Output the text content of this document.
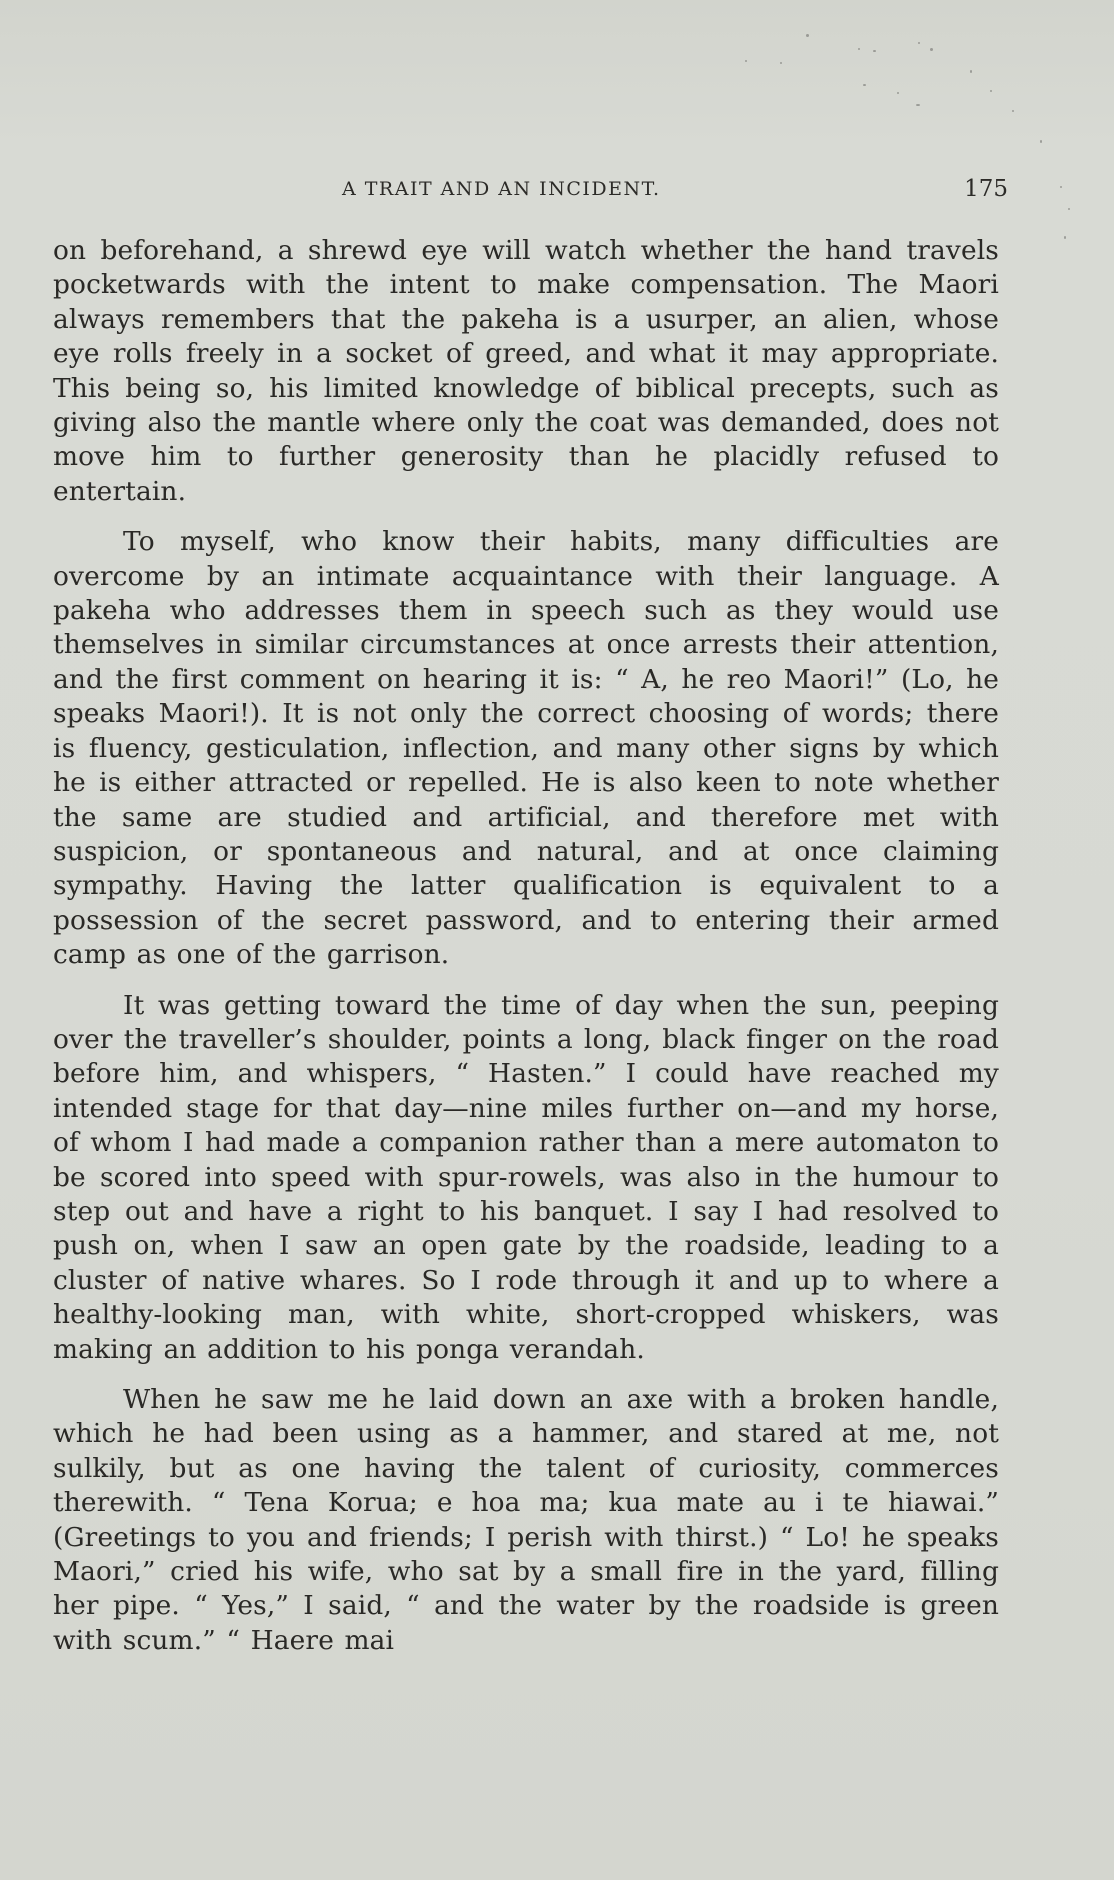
A TRAIT AND AN INCIDENT.	175

on beforehand, a shrewd eye will watch whether the hand travels pocketwards with the intent to make compensation. The Maori always remembers that the pakeha is a usurper, an alien, whose eye rolls freely in a socket of greed, and what it may appropriate. This being so, his limited knowledge of biblical precepts, such as giving also the mantle where only the coat was demanded, does not move him to further generosity than he placidly refused to entertain.

To myself, who know their habits, many difficulties are overcome by an intimate acquaintance with their language. A pakeha who addresses them in speech such as they would use themselves in similar circumstances at once arrests their attention, and the first comment on hearing it is: “ A, he reo Maori!” (Lo, he speaks Maori!). It is not only the correct choosing of words; there is fluency, gesticulation, inflection, and many other signs by which he is either attracted or repelled. He is also keen to note whether the same are studied and artificial, and therefore met with suspicion, or spontaneous and natural, and at once claiming sympathy. Having the latter qualification is equivalent to a possession of the secret password, and to entering their armed camp as one of the garrison.

It was getting toward the time of day when the sun, peeping over the traveller’s shoulder, points a long, black finger on the road before him, and whispers, “ Hasten.” I could have reached my intended stage for that day—nine miles further on—and my horse, of whom I had made a companion rather than a mere automaton to be scored into speed with spur-rowels, was also in the humour to step out and have a right to his banquet. I say I had resolved to push on, when I saw an open gate by the roadside, leading to a cluster of native whares. So I rode through it and up to where a healthy-looking man, with white, short-cropped whiskers, was making an addition to his ponga verandah.

When he saw me he laid down an axe with a broken handle, which he had been using as a hammer, and stared at me, not sulkily, but as one having the talent of curiosity, commerces therewith. “ Tena Korua; e hoa ma; kua mate au i te hiawai.” (Greetings to you and friends; I perish with thirst.) “ Lo! he speaks Maori,” cried his wife, who sat by a small fire in the yard, filling her pipe. “ Yes,” I said, “ and the water by the roadside is green with scum.” “ Haere mai
